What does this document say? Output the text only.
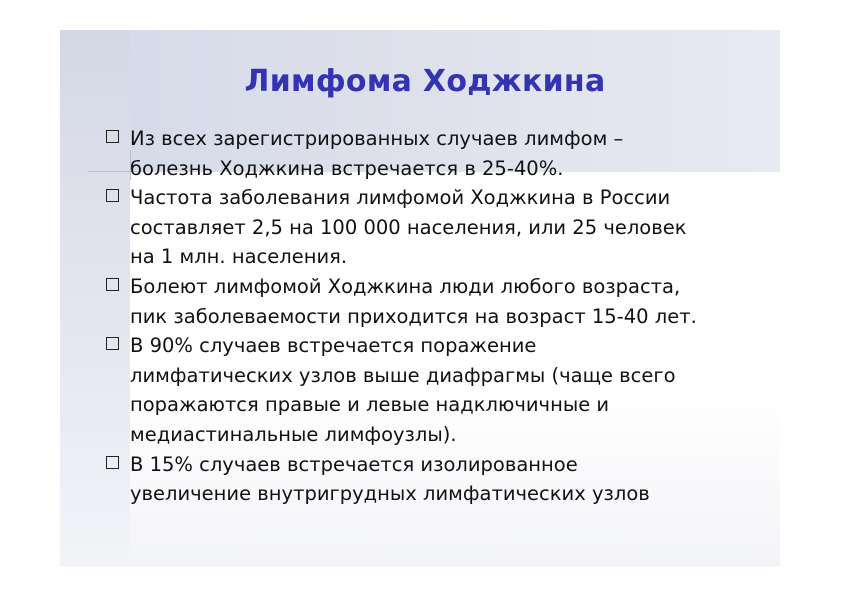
Лимфома Ходжкина
Из всех зарегистрированных случаев лимфом –
болезнь Ходжкина встречается в 25-40%.
Частота заболевания лимфомой Ходжкина в России
составляет 2,5 на 100 000 населения, или 25 человек
на 1 млн. населения.
Болеют лимфомой Ходжкина люди любого возраста,
пик заболеваемости приходится на возраст 15-40 лет.
В 90% случаев встречается поражение
лимфатических узлов выше диафрагмы (чаще всего
поражаются правые и левые надключичные и
медиастинальные лимфоузлы).
В 15% случаев встречается изолированное
увеличение внутригрудных лимфатических узлов
